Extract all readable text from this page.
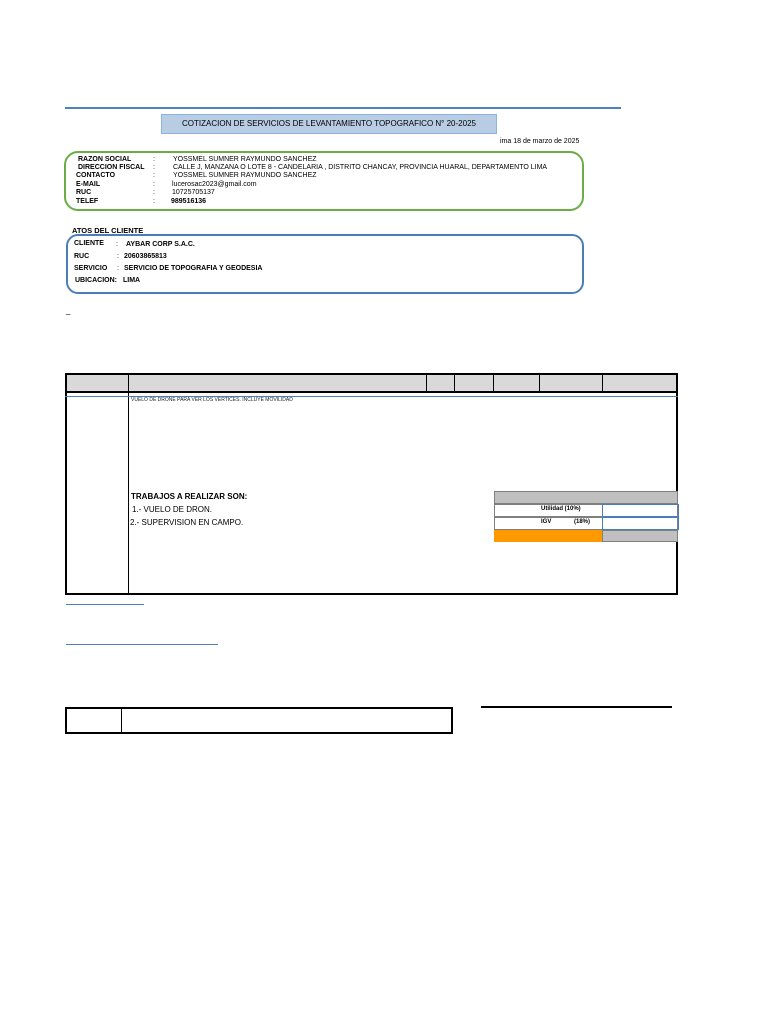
COTIZACION DE SERVICIOS DE LEVANTAMIENTO TOPOGRAFICO N° 20-2025
ima 18 de marzo de 2025
RAZON SOCIAL	:	YOSSMEL SUMNER RAYMUNDO SANCHEZ
DIRECCION FISCAL :	CALLE J, MANZANA O LOTE 8 - CANDELARIA , DISTRITO CHANCAY, PROVINCIA HUARAL, DEPARTAMENTO LIMA
CONTACTO	:	YOSSMEL SUMNER RAYMUNDO SANCHEZ
E-MAIL	: lucerosac2023@gmail.com
RUC	: 10725705137
TELEF	: 989516136
ATOS DEL CLIENTE
CLIENTE : AYBAR CORP S.A.C.
RUC	: 20603865813
SERVICIO : SERVICIO DE TOPOGRAFIA Y GEODESIA
UBICACION: LIMA
_
VUELO DE DRONE PARA VER LOS VERTICES. INCLUYE MOVILIDAD
TRABAJOS A REALIZAR SON:
1.- VUELO DE DRON.
2.- SUPERVISION EN CAMPO.
Utilidad (10%)
IGV	(18%)
